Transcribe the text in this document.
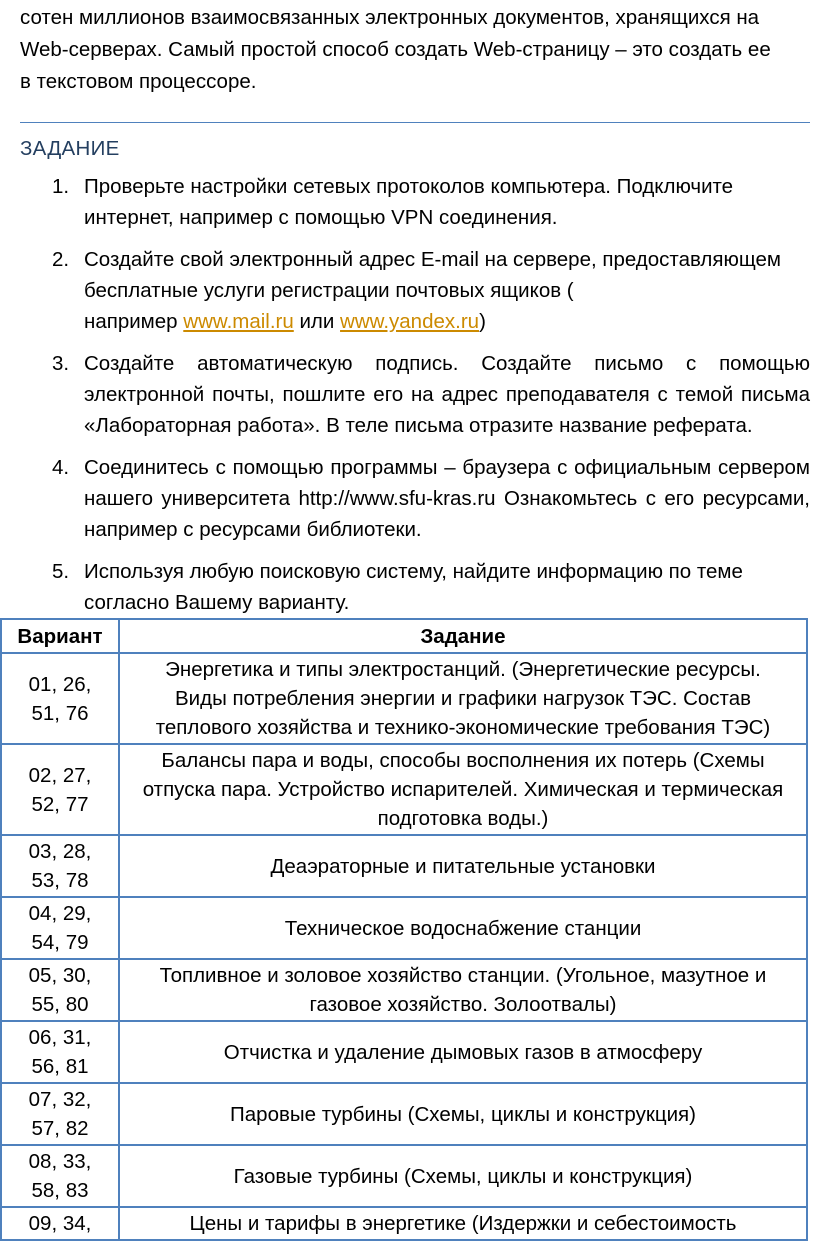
сотен миллионов взаимосвязанных электронных документов, хранящихся на
Web-серверах. Самый простой способ создать Web-страницу – это создать ее
в текстовом процессоре.

ЗАДАНИЕ
1. Проверьте настройки сетевых протоколов компьютера. Подключите
интернет, например с помощью VPN соединения.
2. Создайте свой электронный адрес E-mail на сервере, предоставляющем
бесплатные услуги регистрации почтовых ящиков (
например www.mail.ru или www.yandex.ru)
3. Создайте автоматическую подпись. Создайте письмо с помощью электронной почты, пошлите его на адрес преподавателя с темой письма «Лабораторная работа». В теле письма отразите название реферата.
4. Соединитесь с помощью программы – браузера с официальным сервером нашего университета http://www.sfu-kras.ru Ознакомьтесь с его ресурсами, например с ресурсами библиотеки.
5. Используя любую поисковую систему, найдите информацию по теме
согласно Вашему варианту.
Вариант	Задание

01, 26,
51, 76	Энергетика и типы электростанций. (Энергетические ресурсы.
Виды потребления энергии и графики нагрузок ТЭС. Состав
теплового хозяйства и технико-экономические требования ТЭС)

02, 27,
52, 77	Балансы пара и воды, способы восполнения их потерь (Схемы
отпуска пара. Устройство испарителей. Химическая и термическая
подготовка воды.)

03, 28,
53, 78	Деаэраторные и питательные установки

04, 29,
54, 79	Техническое водоснабжение станции

05, 30,
55, 80	Топливное и золовое хозяйство станции. (Угольное, мазутное и
газовое хозяйство. Золоотвалы)

06, 31,
56, 81	Отчистка и удаление дымовых газов в атмосферу

07, 32,
57, 82	Паровые турбины (Схемы, циклы и конструкция)

08, 33,
58, 83	Газовые турбины (Схемы, циклы и конструкция)

09, 34,	Цены и тарифы в энергетике (Издержки и себестоимость
